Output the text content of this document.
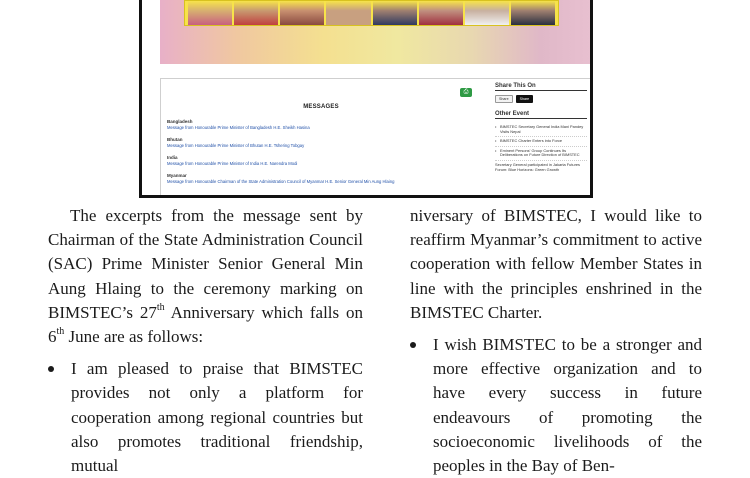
⎙
MESSAGES
Bangladesh
Message from Honourable Prime Minister of Bangladesh H.E. Sheikh Hasina
Bhutan
Message from Honourable Prime Minister of Bhutan H.E. Tshering Tobgay
India
Message from Honourable Prime Minister of India H.E. Narendra Modi
Myanmar
Message from Honourable Chairman of the State Administration Council of Myanmar H.E. Senior General Min Aung Hlaing
Share This On
Share	Share
Other Event
• BIMSTEC Secretary General India Mani Pandey Visits Nepal
• BIMSTEC Charter Enters into Force
• Eminent Persons' Group Continues Its Deliberations on Future Direction of BIMSTEC
Secretary General participated in Jakarta Futures Forum: Blue Horizons: Green Growth

The excerpts from the message sent by Chairman of the State Administration Council (SAC) Prime Minister Senior General Min Aung Hlaing to the ceremony marking on BIMSTEC’s 27th Anniversary which falls on 6th June are as follows:

I am pleased to praise that BIMSTEC provides not only a platform for cooperation among regional countries but also promotes traditional friendship, mutual

niversary of BIMSTEC, I would like to reaffirm Myanmar’s commitment to active cooperation with fellow Member States in line with the principles enshrined in the BIMSTEC Charter.

I wish BIMSTEC to be a stronger and more effective organization and to have every success in future endeavours of promoting the socioeconomic livelihoods of the peoples in the Bay of Ben-
